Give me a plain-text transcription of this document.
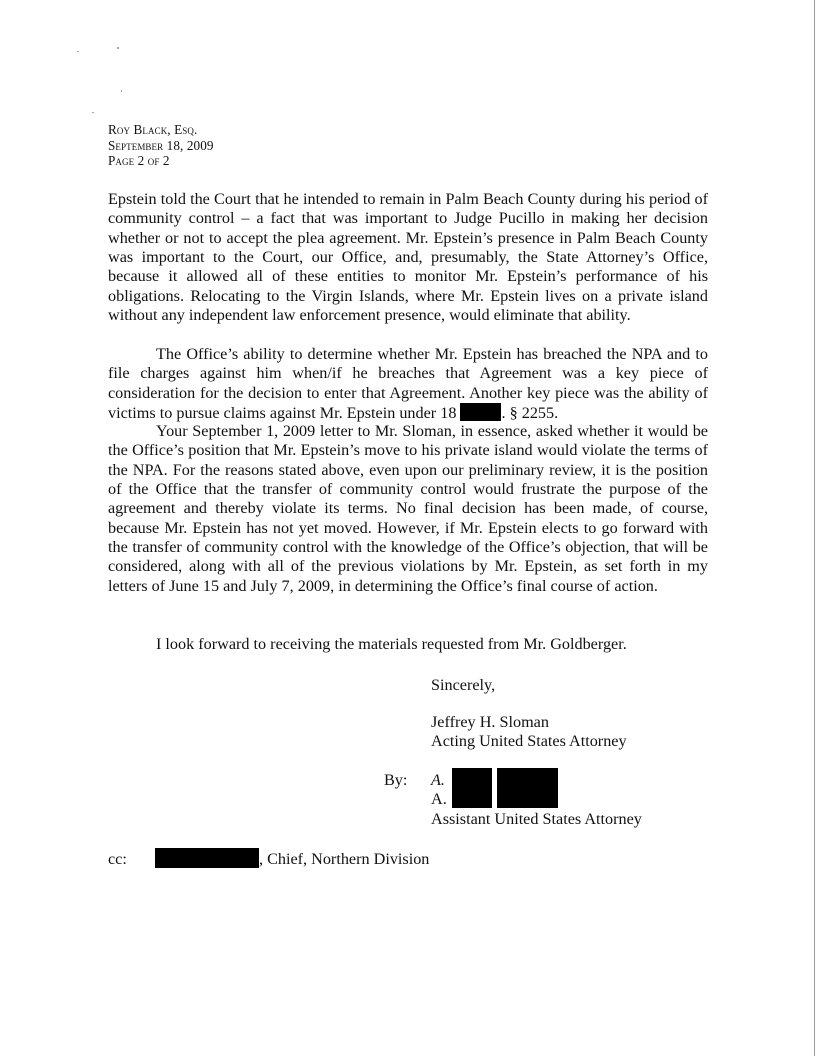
Roy Black, Esq.
September 18, 2009
Page 2 of 2
Epstein told the Court that he intended to remain in Palm Beach County during his period of community control – a fact that was important to Judge Pucillo in making her decision whether or not to accept the plea agreement. Mr. Epstein’s presence in Palm Beach County was important to the Court, our Office, and, presumably, the State Attorney’s Office, because it allowed all of these entities to monitor Mr. Epstein’s performance of his obligations. Relocating to the Virgin Islands, where Mr. Epstein lives on a private island without any independent law enforcement presence, would eliminate that ability.
The Office’s ability to determine whether Mr. Epstein has breached the NPA and to file charges against him when/if he breaches that Agreement was a key piece of consideration for the decision to enter that Agreement. Another key piece was the ability of victims to pursue claims against Mr. Epstein under 18	. § 2255.
Your September 1, 2009 letter to Mr. Sloman, in essence, asked whether it would be the Office’s position that Mr. Epstein’s move to his private island would violate the terms of the NPA. For the reasons stated above, even upon our preliminary review, it is the position of the Office that the transfer of community control would frustrate the purpose of the agreement and thereby violate its terms. No final decision has been made, of course, because Mr. Epstein has not yet moved. However, if Mr. Epstein elects to go forward with the transfer of community control with the knowledge of the Office’s objection, that will be considered, along with all of the previous violations by Mr. Epstein, as set forth in my letters of June 15 and July 7, 2009, in determining the Office’s final course of action.
I look forward to receiving the materials requested from Mr. Goldberger.
Sincerely,
Jeffrey H. Sloman
Acting United States Attorney
By: A.
A.
Assistant United States Attorney
cc:	, Chief, Northern Division
